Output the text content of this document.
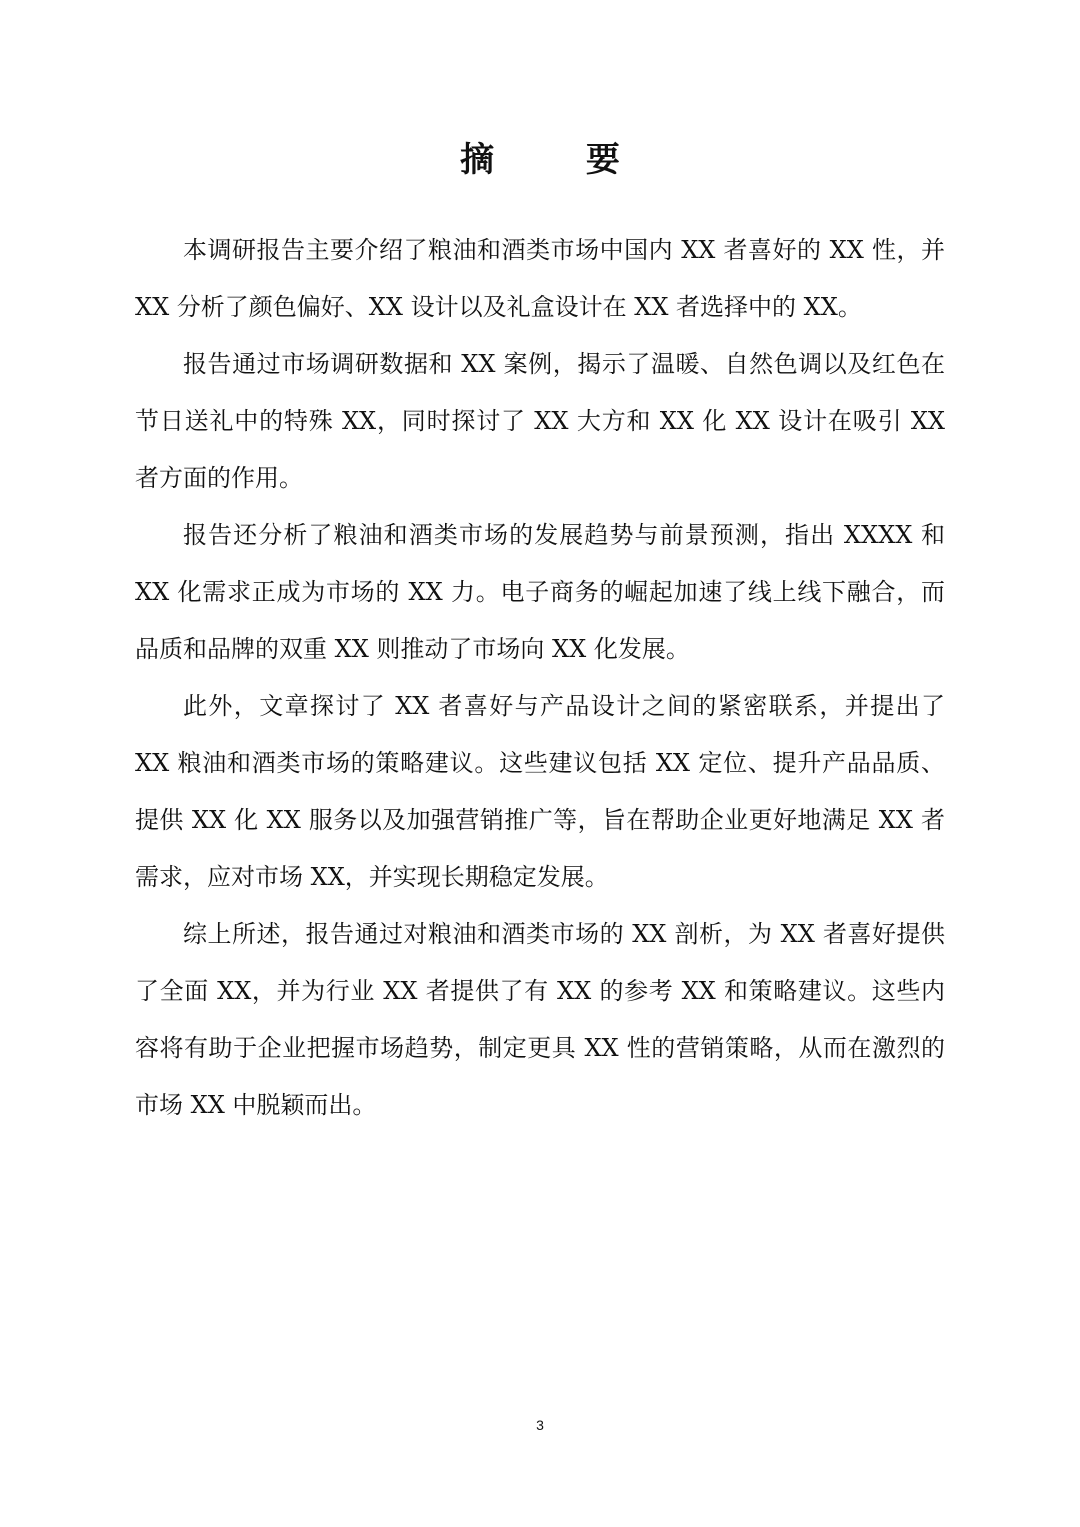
摘 要

本调研报告主要介绍了粮油和酒类市场中国内 XX 者喜好的 XX 性，并 XX 分析了颜色偏好、XX 设计以及礼盒设计在 XX 者选择中的 XX。

报告通过市场调研数据和 XX 案例，揭示了温暖、自然色调以及红色在节日送礼中的特殊 XX，同时探讨了 XX 大方和 XX 化 XX 设计在吸引 XX 者方面的作用。

报告还分析了粮油和酒类市场的发展趋势与前景预测，指出 XXXX 和 XX 化需求正成为市场的 XX 力。电子商务的崛起加速了线上线下融合，而品质和品牌的双重 XX 则推动了市场向 XX 化发展。

此外，文章探讨了 XX 者喜好与产品设计之间的紧密联系，并提出了 XX 粮油和酒类市场的策略建议。这些建议包括 XX 定位、提升产品品质、提供 XX 化 XX 服务以及加强营销推广等，旨在帮助企业更好地满足 XX 者需求，应对市场 XX，并实现长期稳定发展。

综上所述，报告通过对粮油和酒类市场的 XX 剖析，为 XX 者喜好提供了全面 XX，并为行业 XX 者提供了有 XX 的参考 XX 和策略建议。这些内容将有助于企业把握市场趋势，制定更具 XX 性的营销策略，从而在激烈的市场 XX 中脱颖而出。

3
